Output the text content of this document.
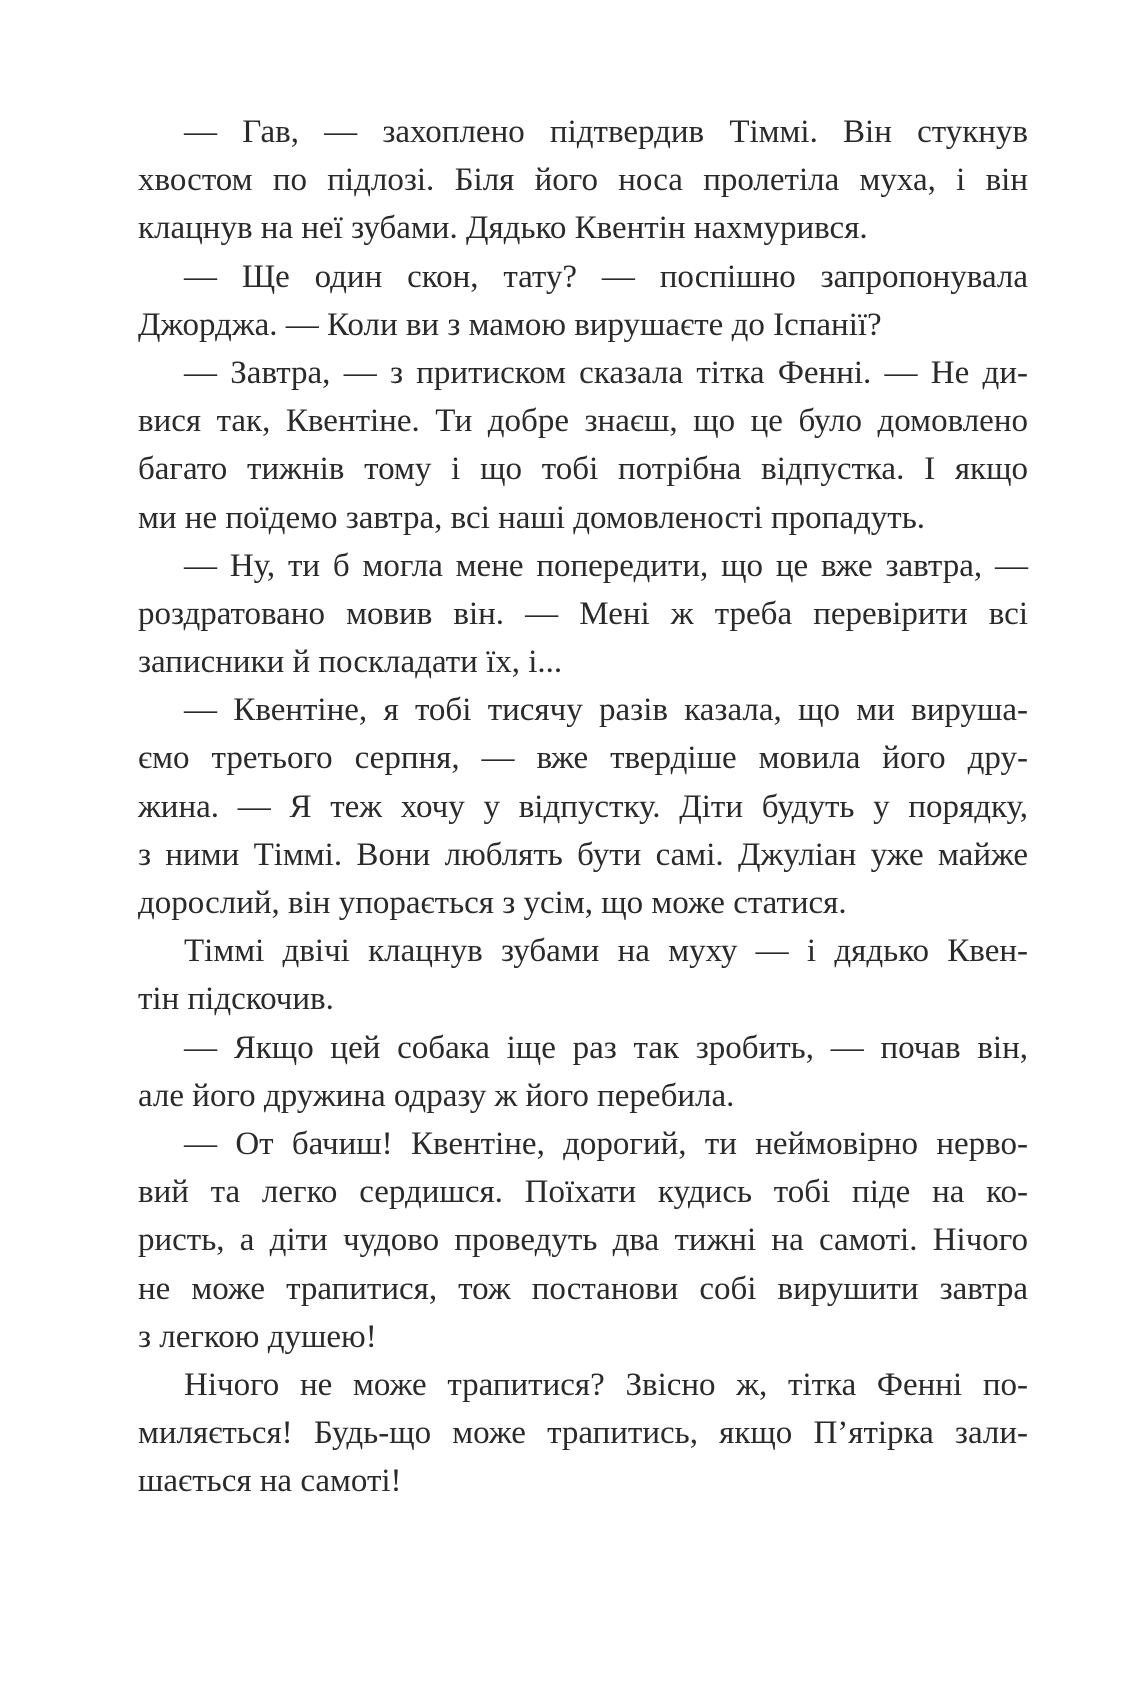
— Гав, — захоплено підтвердив Тіммі. Він стукнув
хвостом по підлозі. Біля його носа пролетіла муха, і він
клацнув на неї зубами. Дядько Квентін нахмурився.
— Ще один скон, тату? — поспішно запропонувала
Джорджа. — Коли ви з мамою вирушаєте до Іспанії?
— Завтра, — з притиском сказала тітка Фенні. — Не ди-
вися так, Квентіне. Ти добре знаєш, що це було домовлено
багато тижнів тому і що тобі потрібна відпустка. І якщо
ми не поїдемо завтра, всі наші домовленості пропадуть.
— Ну, ти б могла мене попередити, що це вже завтра, —
роздратовано мовив він. — Мені ж треба перевірити всі
записники й поскладати їх, і...
— Квентіне, я тобі тисячу разів казала, що ми вируша-
ємо третього серпня, — вже твердіше мовила його дру-
жина. — Я теж хочу у відпустку. Діти будуть у порядку,
з ними Тіммі. Вони люблять бути самі. Джуліан уже майже
дорослий, він упорається з усім, що може статися.
Тіммі двічі клацнув зубами на муху — і дядько Квен-
тін підскочив.
— Якщо цей собака іще раз так зробить, — почав він,
але його дружина одразу ж його перебила.
— От бачиш! Квентіне, дорогий, ти неймовірно нерво-
вий та легко сердишся. Поїхати кудись тобі піде на ко-
ристь, а діти чудово проведуть два тижні на самоті. Нічого
не може трапитися, тож постанови собі вирушити завтра
з легкою душею!
Нічого не може трапитися? Звісно ж, тітка Фенні по-
миляється! Будь-що може трапитись, якщо П’ятірка зали-
шається на самоті!
